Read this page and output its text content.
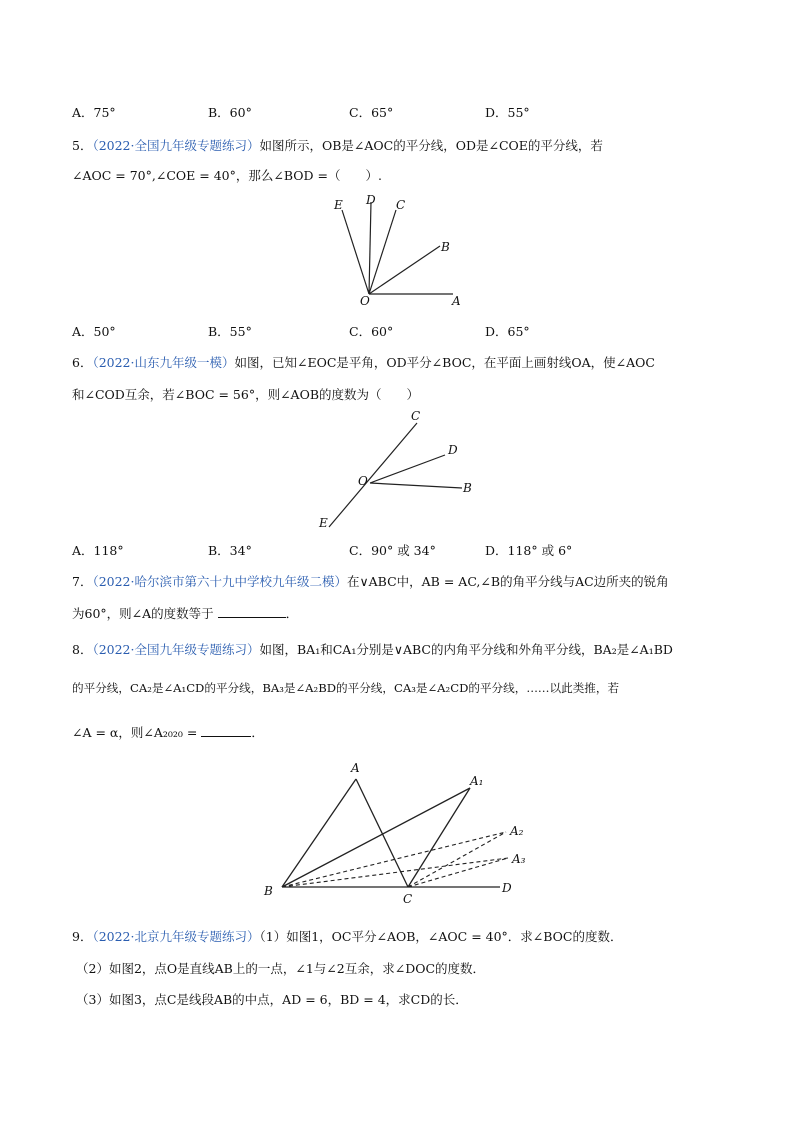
A．75°	B．60°	C．65°	D．55°
5．（2022·全国九年级专题练习）如图所示，OB是∠AOC的平分线，OD是∠COE的平分线，若
∠AOC = 70°,∠COE = 40°，那么∠BOD =（　　）.
E D C
B
O	A
A．50°	B．55°	C．60°	D．65°
6．（2022·山东九年级一模）如图，已知∠EOC是平角，OD平分∠BOC，在平面上画射线OA，使∠AOC
和∠COD互余，若∠BOC = 56°，则∠AOB的度数为（　　）
C
D
O	B
E
A．118°	B．34°	C．90° 或 34°	D．118° 或 6°
7．（2022·哈尔滨市第六十九中学校九年级二模）在∨ABC中，AB = AC,∠B的角平分线与AC边所夹的锐角
为60°，则∠A的度数等于	．
8．（2022·全国九年级专题练习）如图，BA₁和CA₁分别是∨ABC的内角平分线和外角平分线，BA₂是∠A₁BD
的平分线，CA₂是∠A₁CD的平分线，BA₃是∠A₂BD的平分线，CA₃是∠A₂CD的平分线，……以此类推，若
∠A = α，则∠A₂₀₂₀ =	．
A
A₁
A₂
A₃
B
C
D
9．（2022·北京九年级专题练习）（1）如图1，OC平分∠AOB，∠AOC = 40°．求∠BOC的度数．
（2）如图2，点O是直线AB上的一点，∠1与∠2互余，求∠DOC的度数．
（3）如图3，点C是线段AB的中点，AD = 6，BD = 4，求CD的长．
